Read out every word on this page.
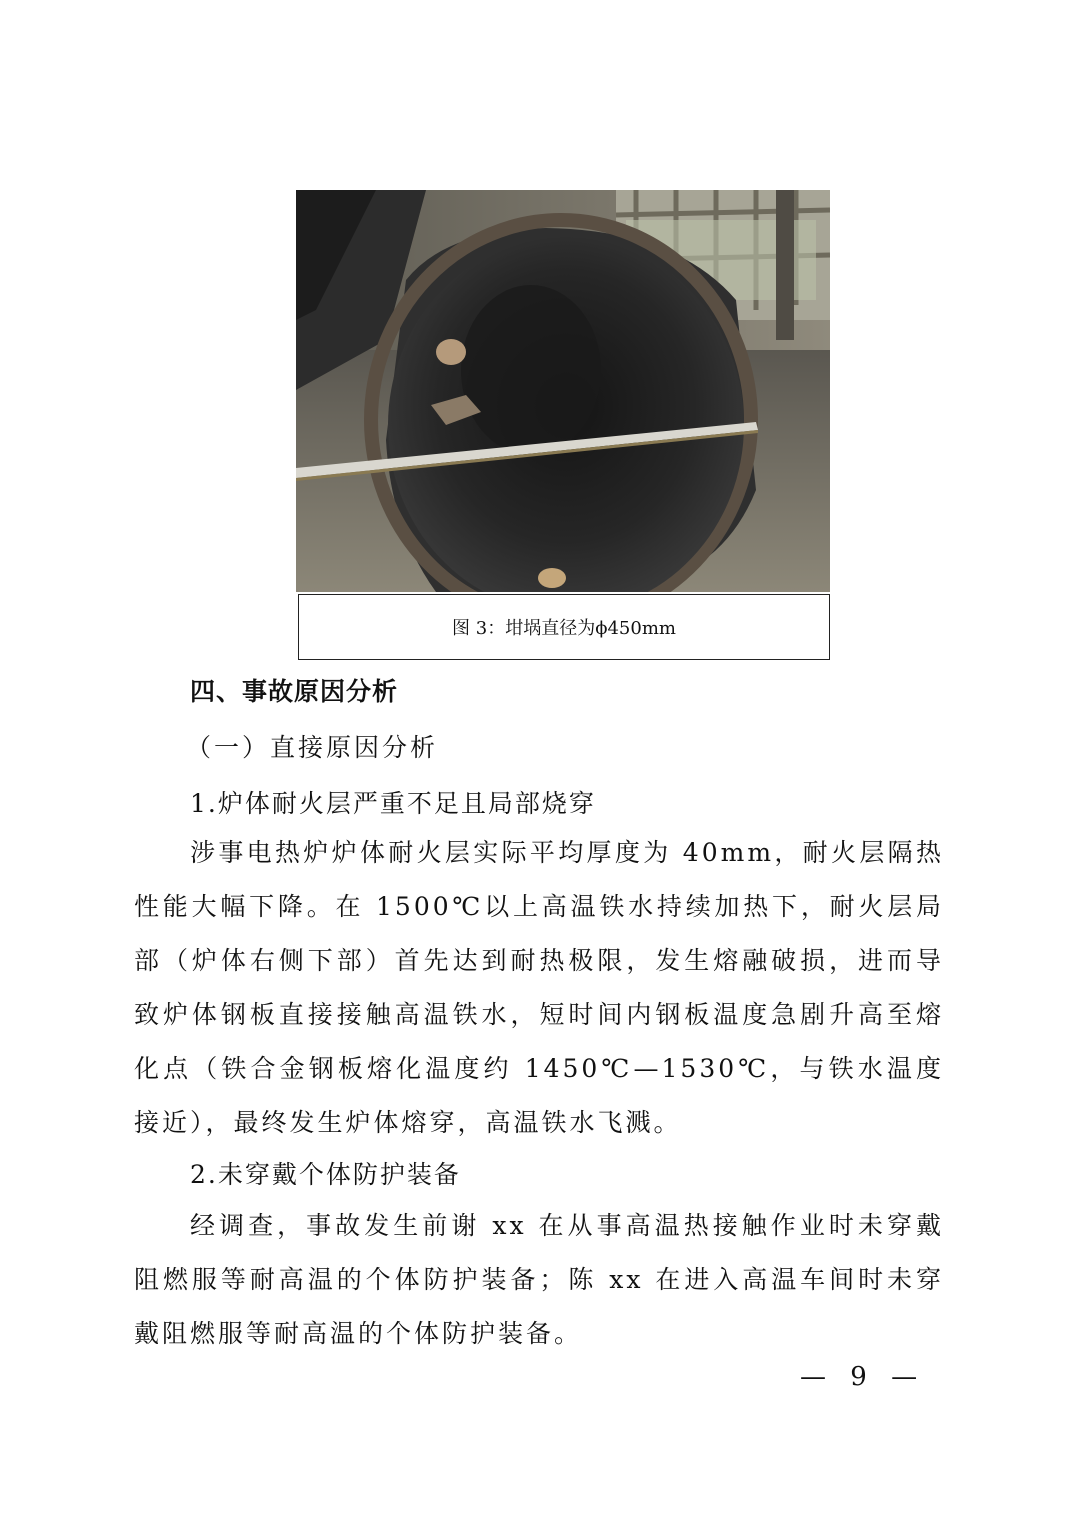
图 3：坩埚直径为ϕ450mm
四、事故原因分析
（一）直接原因分析
1.炉体耐火层严重不足且局部烧穿
涉事电热炉炉体耐火层实际平均厚度为 40mm，耐火层隔热性能大幅下降。在 1500℃以上高温铁水持续加热下，耐火层局部（炉体右侧下部）首先达到耐热极限，发生熔融破损，进而导致炉体钢板直接接触高温铁水，短时间内钢板温度急剧升高至熔化点（铁合金钢板熔化温度约 1450℃—1530℃，与铁水温度接近），最终发生炉体熔穿，高温铁水飞溅。
2.未穿戴个体防护装备
经调查，事故发生前谢 xx 在从事高温热接触作业时未穿戴阻燃服等耐高温的个体防护装备；陈 xx 在进入高温车间时未穿戴阻燃服等耐高温的个体防护装备。
— 9 —
